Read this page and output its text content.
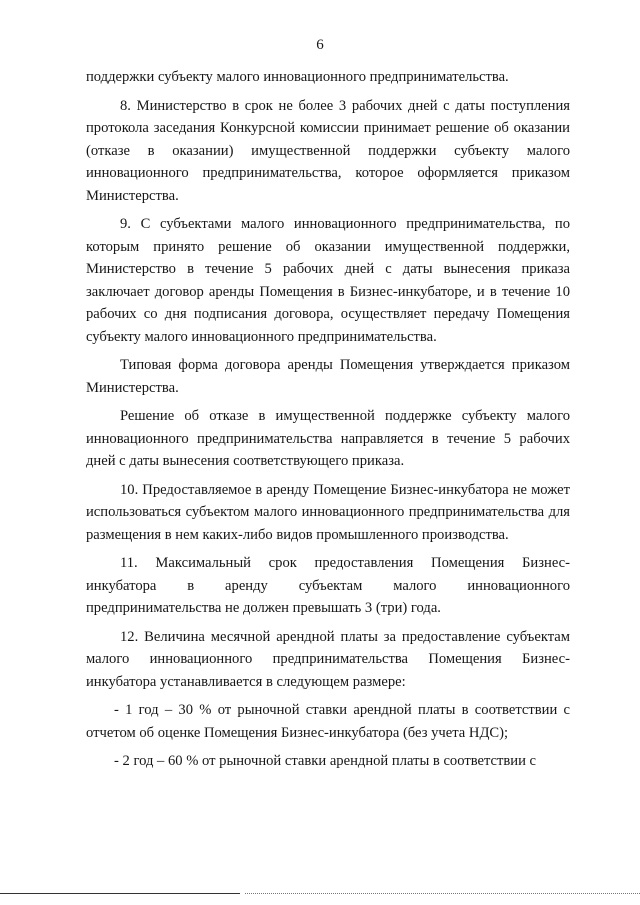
6

поддержки субъекту малого инновационного предпринимательства.

8. Министерство в срок не более 3 рабочих дней с даты поступления протокола заседания Конкурсной комиссии принимает решение об оказании (отказе в оказании) имущественной поддержки субъекту малого инновационного предпринимательства, которое оформляется приказом Министерства.

9. С субъектами малого инновационного предпринимательства, по которым принято решение об оказании имущественной поддержки, Министерство в течение 5 рабочих дней с даты вынесения приказа заключает договор аренды Помещения в Бизнес-инкубаторе, и в течение 10 рабочих со дня подписания договора, осуществляет передачу Помещения субъекту малого инновационного предпринимательства.

Типовая форма договора аренды Помещения утверждается приказом Министерства.

Решение об отказе в имущественной поддержке субъекту малого инновационного предпринимательства направляется в течение 5 рабочих дней с даты вынесения соответствующего приказа.

10. Предоставляемое в аренду Помещение Бизнес-инкубатора не может использоваться субъектом малого инновационного предпринимательства для размещения в нем каких-либо видов промышленного производства.

11. Максимальный срок предоставления Помещения Бизнес-инкубатора в аренду субъектам малого инновационного предпринимательства не должен превышать 3 (три) года.

12. Величина месячной арендной платы за предоставление субъектам малого инновационного предпринимательства Помещения Бизнес-инкубатора устанавливается в следующем размере:

- 1 год – 30 % от рыночной ставки арендной платы в соответствии с отчетом об оценке Помещения Бизнес-инкубатора (без учета НДС);

- 2 год – 60 % от рыночной ставки арендной платы в соответствии с
